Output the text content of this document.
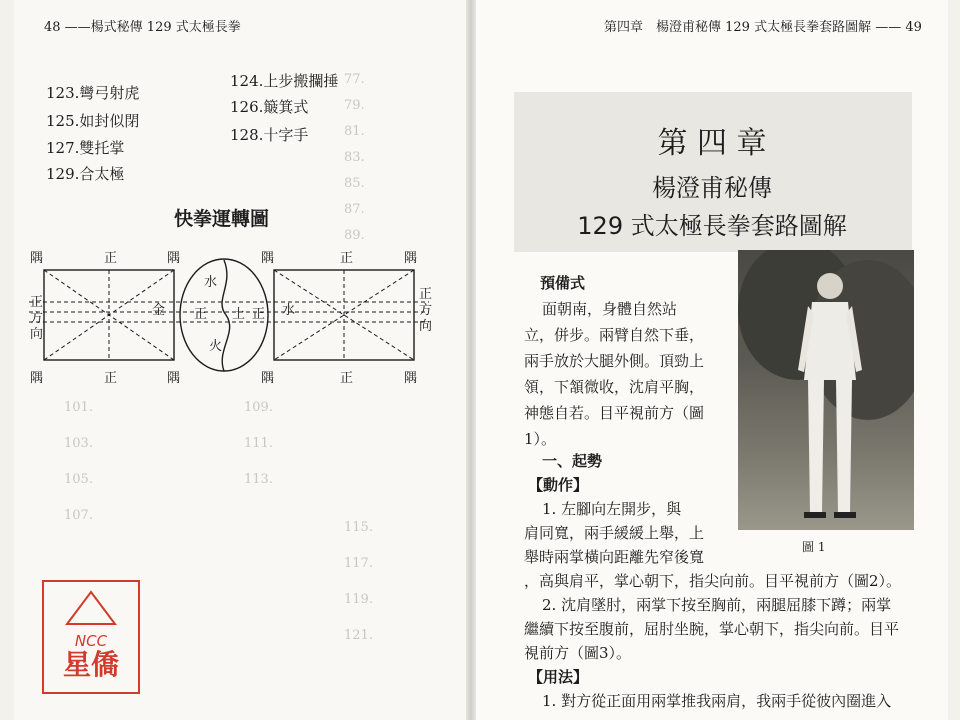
48 ——楊式秘傳 129 式太極長拳
77.
79.
81.
83.
85.
87.
89.
101.
103.
105.
107.
109.
111.
113.
115.
117.
119.
121.
123.彎弓射虎
124.上步搬攔捶
125.如封似閉
126.簸箕式
127.雙托掌
128.十字手
129.合太極
快拳運轉圖
隅	隅
隅	隅
正
正
隅	隅
隅	隅
正
正
水
金	土
火
正	正 水
正方向
正方向
NCC
星僑
第四章　楊澄甫秘傳 129 式太極長拳套路圖解 —— 49
第 四 章
楊澄甫秘傳
129 式太極長拳套路圖解
預備式
面朝南，身體自然站
立，併步。兩臂自然下垂，
兩手放於大腿外側。頂勁上
領，下頷微收，沈肩平胸，
神態自若。目平視前方（圖
1）。
一、起勢
【動作】
1. 左腳向左開步，與
肩同寬，兩手緩緩上舉，上
舉時兩掌橫向距離先窄後寬
，高與肩平，掌心朝下，指尖向前。目平視前方（圖2）。
2. 沈肩墜肘，兩掌下按至胸前，兩腿屈膝下蹲；兩掌
繼續下按至腹前，屈肘坐腕，掌心朝下，指尖向前。目平
視前方（圖3）。
【用法】
1. 對方從正面用兩掌推我兩肩，我兩手從彼內圈進入
圖 1
